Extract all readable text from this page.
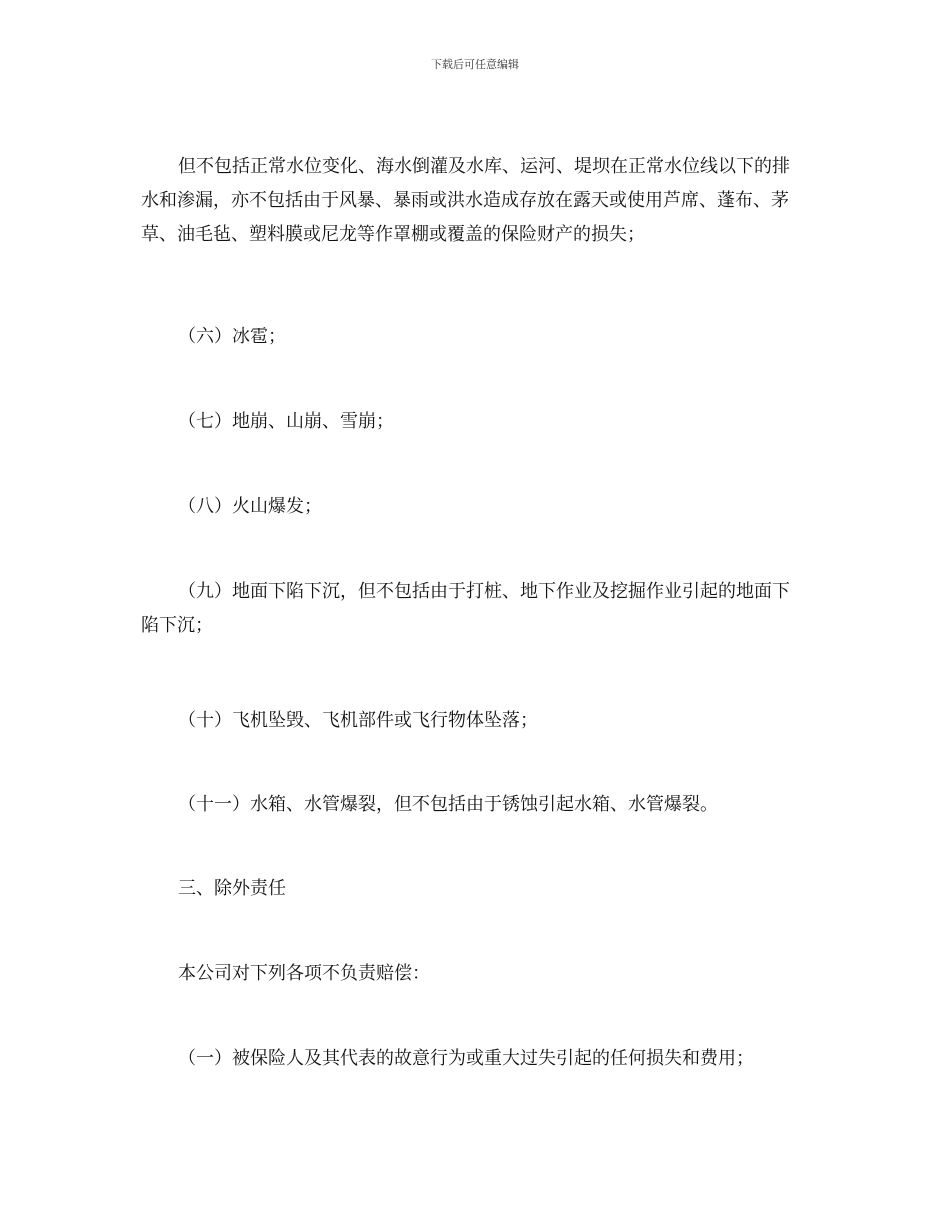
下载后可任意编辑
但不包括正常水位变化、海水倒灌及水库、运河、堤坝在正常水位线以下的排
水和渗漏，亦不包括由于风暴、暴雨或洪水造成存放在露天或使用芦席、蓬布、茅
草、油毛毡、塑料膜或尼龙等作罩棚或覆盖的保险财产的损失；
（六）冰雹；
（七）地崩、山崩、雪崩；
（八）火山爆发；
（九）地面下陷下沉，但不包括由于打桩、地下作业及挖掘作业引起的地面下
陷下沉；
（十）飞机坠毁、飞机部件或飞行物体坠落；
（十一）水箱、水管爆裂，但不包括由于锈蚀引起水箱、水管爆裂。
三、除外责任
本公司对下列各项不负责赔偿：
（一）被保险人及其代表的故意行为或重大过失引起的任何损失和费用；
